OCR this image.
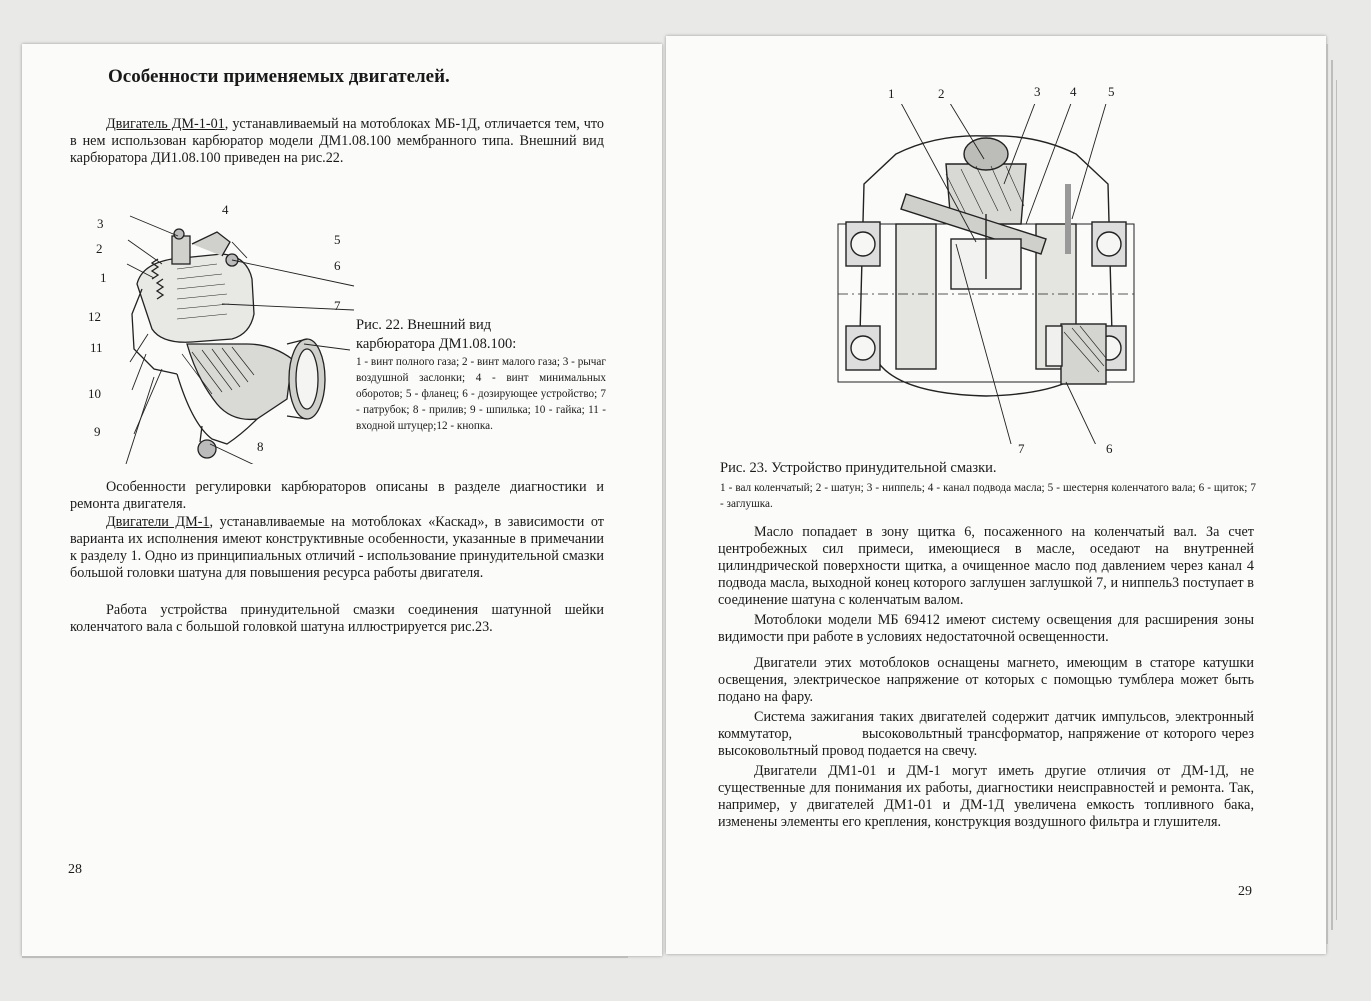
Особенности применяемых двигателей.

Двигатель ДМ-1-01, устанавливаемый на мотоблоках МБ-1Д, отличается тем, что в нем использован карбюратор модели ДМ1.08.100 мембранного типа. Внешний вид карбюратора ДИ1.08.100 приведен на рис.22.

1
2
3
4
5
6
7
8
9
10
11
12
Рис. 22. Внешний вид карбюратора ДМ1.08.100:
1 - винт полного газа; 2 - винт малого газа; 3 - рычаг воздушной заслонки; 4 - винт минимальных оборотов; 5 - фланец; 6 - дозирующее устройство; 7 - патрубок; 8 - прилив; 9 - шпилька; 10 - гайка; 11 - входной штуцер;12 - кнопка.

Особенности регулировки карбюраторов описаны в разделе диагностики и ремонта двигателя.

Двигатели ДМ-1, устанавливаемые на мотоблоках «Каскад», в зависимости от варианта их исполнения имеют конструктивные особенности, указанные в примечании к разделу 1. Одно из принципиальных отличий - использование принудительной смазки большой головки шатуна для повышения ресурса работы двигателя.

Работа устройства принудительной смазки соединения шатунной шейки коленчатого вала с большой головкой шатуна иллюстрируется рис.23.

28
1	2	3 4 5
6
7
Рис. 23. Устройство принудительной смазки.
1 - вал коленчатый; 2 - шатун; 3 - ниппель; 4 - канал подвода масла; 5 - шестерня коленчатого вала; 6 - щиток; 7 - заглушка.

Масло попадает в зону щитка 6, посаженного на коленчатый вал. За счет центробежных сил примеси, имеющиеся в масле, оседают на внутренней цилиндрической поверхности щитка, а очищенное масло под давлением через канал 4 подвода масла, выходной конец которого заглушен заглушкой 7, и ниппель3 поступает в соединение шатуна с коленчатым валом.

Мотоблоки модели МБ 69412 имеют систему освещения для расширения зоны видимости при работе в условиях недостаточной освещенности.

Двигатели этих мотоблоков оснащены магнето, имеющим в статоре катушки освещения, электрическое напряжение от которых с помощью тумблера может быть подано на фару.

Система зажигания таких двигателей содержит датчик импульсов, электронный коммутатор,              высоковольтный трансформатор, напряжение от которого через высоковольтный провод подается на свечу.

Двигатели ДМ1-01 и ДМ-1 могут иметь другие отличия от ДМ-1Д, не существенные для понимания их работы, диагностики неисправностей и ремонта. Так, например, у двигателей ДМ1-01 и ДМ-1Д увеличена емкость топливного бака, изменены элементы его крепления, конструкция воздушного фильтра и глушителя.

29
